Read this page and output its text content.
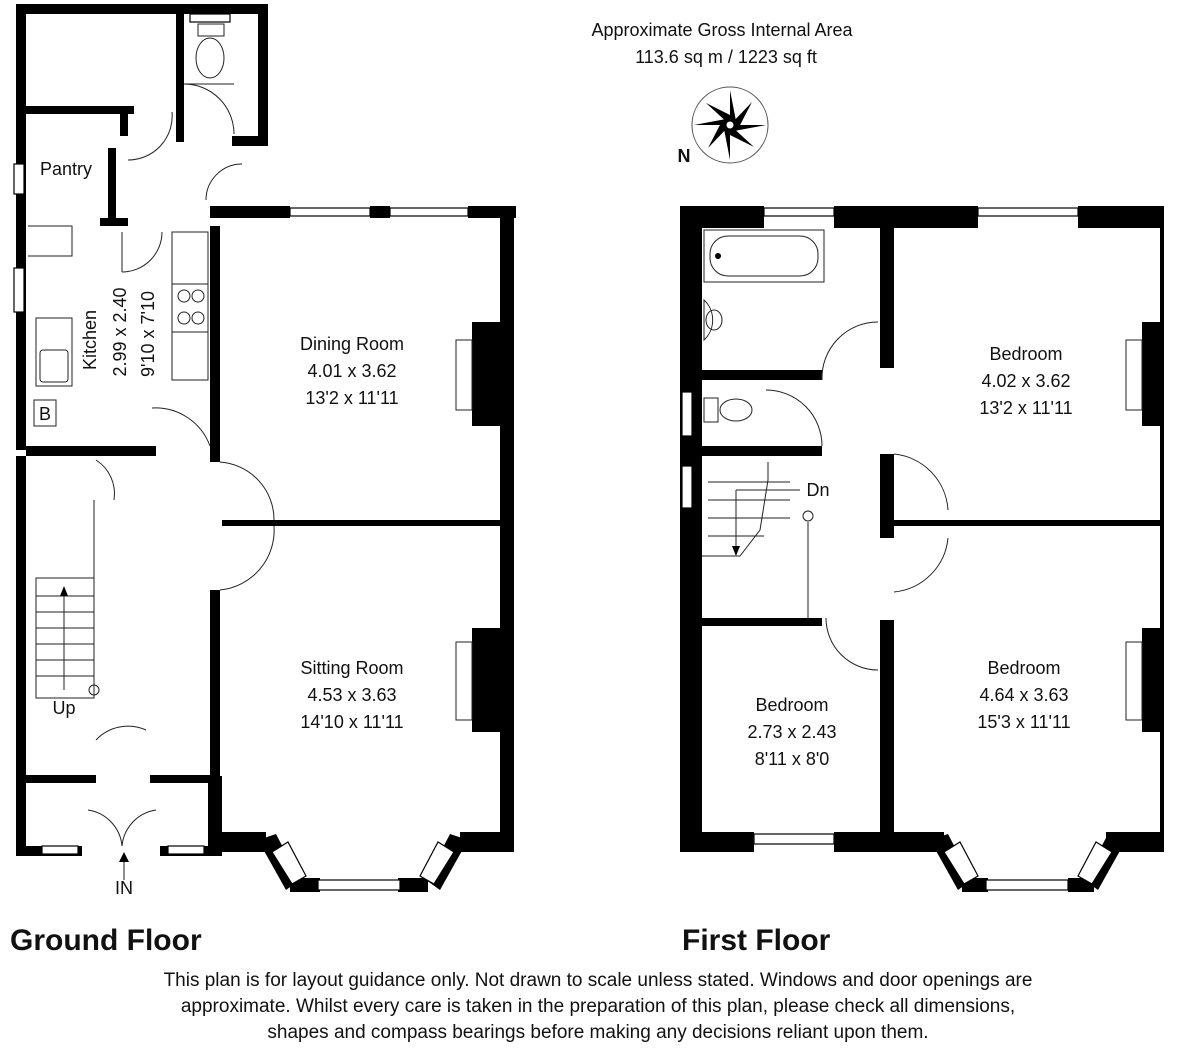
Approximate Gross Internal Area
113.6 sq m / 1223 sq ft
N
Pantry
Kitchen 2.99 x 2.40 9'10 x 7'10
B
Dining Room
4.01 x 3.62
13'2 x 11'11
Sitting Room
4.53 x 3.63
14'10 x 11'11
Up
IN
Ground Floor
Bedroom
4.02 x 3.62
13'2 x 11'11
Bedroom
2.73 x 2.43
8'11 x 8'0
Bedroom
4.64 x 3.63
15'3 x 11'11
Dn
First Floor
This plan is for layout guidance only. Not drawn to scale unless stated. Windows and door openings are
approximate. Whilst every care is taken in the preparation of this plan, please check all dimensions,
shapes and compass bearings before making any decisions reliant upon them.
